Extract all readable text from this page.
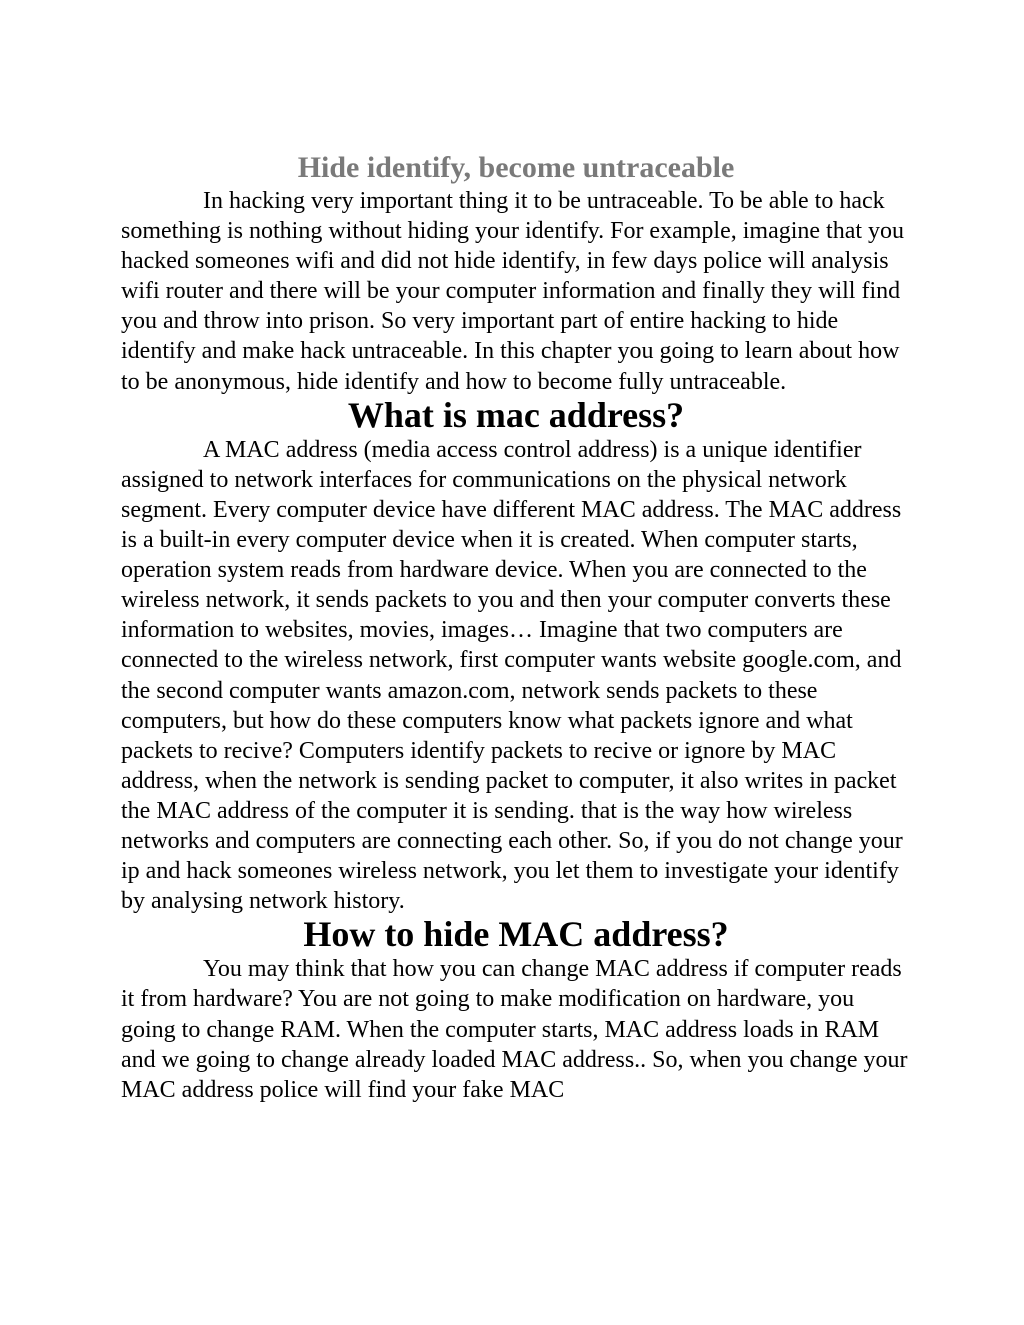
Hide identify, become untraceable

In hacking very important thing it to be untraceable. To be able to hack something is nothing without hiding your identify. For example, imagine that you hacked someones wifi and did not hide identify, in few days police will analysis wifi router and there will be your computer information and finally they will find you and throw into prison. So very important part of entire hacking to hide identify and make hack untraceable. In this chapter you going to learn about how to be anonymous, hide identify and how to become fully untraceable.

What is mac address?

A MAC address (media access control address) is a unique identifier assigned to network interfaces for communications on the physical network segment. Every computer device have different MAC address. The MAC address is a built-in every computer device when it is created. When computer starts, operation system reads from hardware device. When you are connected to the wireless network, it sends packets to you and then your computer converts these information to websites, movies, images… Imagine that two computers are connected to the wireless network, first computer wants website google.com, and the second computer wants amazon.com, network sends packets to these computers, but how do these computers know what packets ignore and what packets to recive? Computers identify packets to recive or ignore by MAC address, when the network is sending packet to computer, it also writes in packet the MAC address of the computer it is sending. that is the way how wireless networks and computers are connecting each other. So, if you do not change your ip and hack someones wireless network, you let them to investigate your identify by analysing network history.

How to hide MAC address?

You may think that how you can change MAC address if computer reads it from hardware? You are not going to make modification on hardware, you going to change RAM. When the computer starts, MAC address loads in RAM and we going to change already loaded MAC address.. So, when you change your MAC address police will find your fake MAC
